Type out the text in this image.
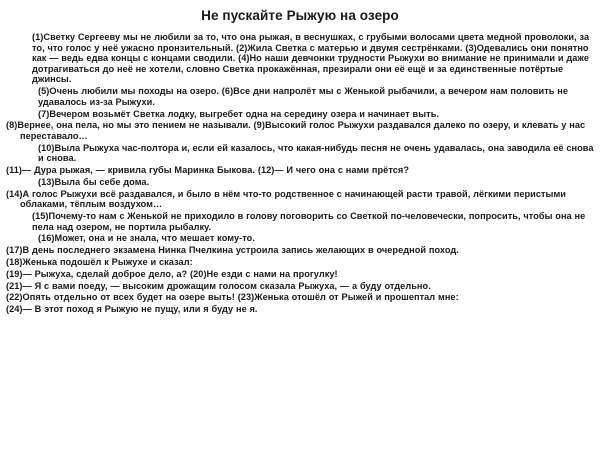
Не пускайте Рыжую на озеро

(1)Светку Сергееву мы не любили за то, что она рыжая, в веснушках, с грубыми волосами цвета медной проволоки, за то, что голос у неё ужасно пронзительный. (2)Жила Светка с матерью и двумя сестрёнками. (3)Одевались они понятно как — ведь едва концы с концами сводили. (4)Но наши девчонки трудности Рыжухи во внимание не принимали и даже дотрагиваться до неё не хотели, словно Светка прокажённая, презирали они её ещё и за единственные потёртые джинсы.

(5)Очень любили мы походы на озеро. (6)Все дни напролёт мы с Женькой рыбачили, а вечером нам половить не удавалось из-за Рыжухи.

(7)Вечером возьмёт Светка лодку, выгребет одна на середину озера и начинает выть.

(8)Вернее, она пела, но мы это пением не называли. (9)Высокий голос Рыжухи раздавался далеко по озеру, и клевать у нас переставало…

(10)Выла Рыжуха час-полтора и, если ей казалось, что какая-нибудь песня не очень удавалась, она заводила её снова и снова.

(11)— Дура рыжая, — кривила губы Маринка Быкова. (12)— И чего она с нами прётся?

(13)Выла бы себе дома.

(14)А голос Рыжухи всё раздавался, и было в нём что-то родственное с начинающей расти травой, лёгкими перистыми облаками, тёплым воздухом…

(15)Почему-то нам с Женькой не приходило в голову поговорить со Светкой по-человечески, попросить, чтобы она не пела над озером, не портила рыбалку.

(16)Может, она и не знала, что мешает кому-то.

(17)В день последнего экзамена Нинка Пчелкина устроила запись желающих в очередной поход.

(18)Женька подошёл к Рыжухе и сказал:

(19)— Рыжуха, сделай доброе дело, а? (20)Не езди с нами на прогулку!

(21)— Я с вами поеду, — высоким дрожащим голосом сказала Рыжуха, — а буду отдельно.

(22)Опять отдельно от всех будет на озере выть! (23)Женька отошёл от Рыжей и прошептал мне:

(24)— В этот поход я Рыжую не пущу, или я буду не я.
